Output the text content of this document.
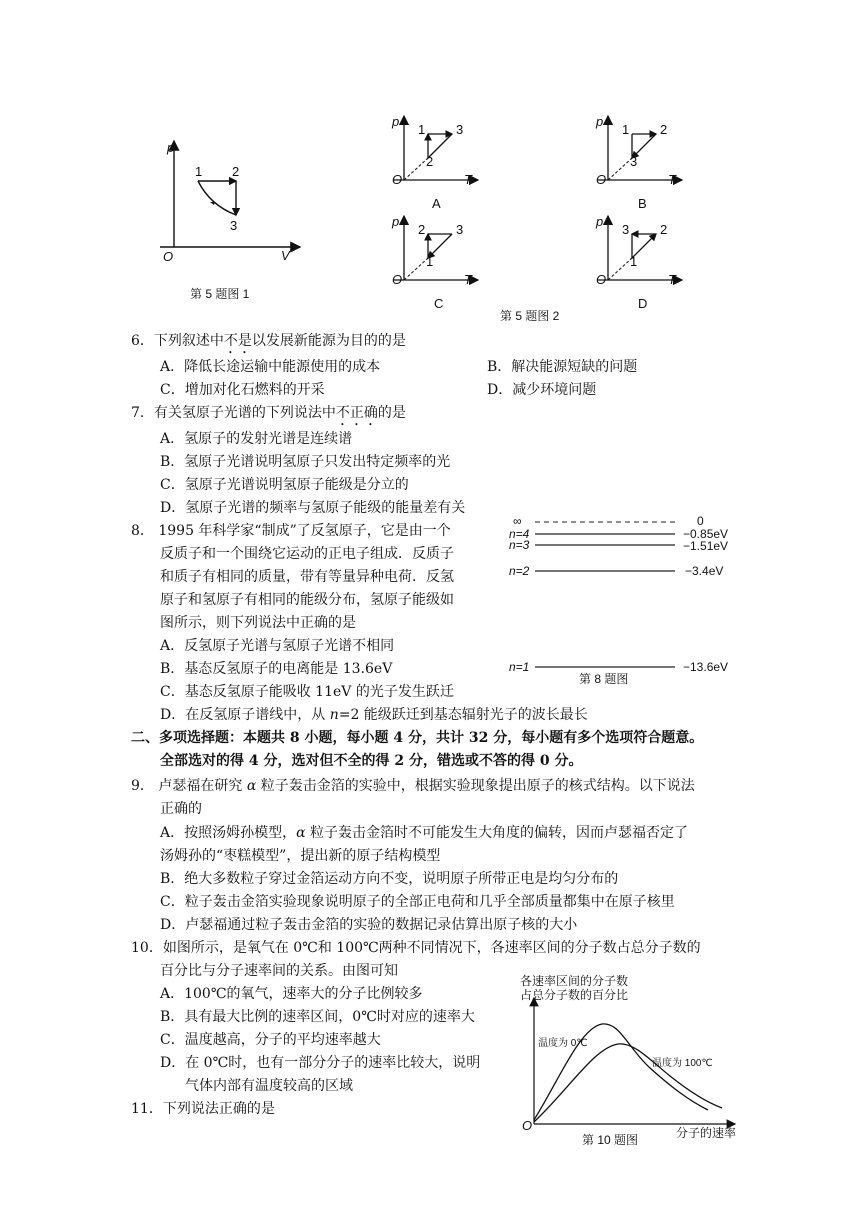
p
V
O
1 2
3
第 5 题图 1
p
O	T
1 3
2
A
p
O	T
1 2
3
B
p
O	T
2 3
1
C
p
O	T
3 2
1
D
第 5 题图 2
6．下列叙述中不是以发展新能源为目的的是
A．降低长途运输中能源使用的成本	B．解决能源短缺的问题
C．增加对化石燃料的开采	D．减少环境问题
7．有关氢原子光谱的下列说法中不正确的是
A．氢原子的发射光谱是连续谱
B．氢原子光谱说明氢原子只发出特定频率的光
C．氢原子光谱说明氢原子能级是分立的
D．氢原子光谱的频率与氢原子能级的能量差有关
8． 1995 年科学家“制成”了反氢原子，它是由一个
反质子和一个围绕它运动的正电子组成．反质子
和质子有相同的质量，带有等量异种电荷．反氢
原子和氢原子有相同的能级分布，氢原子能级如
图所示，则下列说法中正确的是
A．反氢原子光谱与氢原子光谱不相同
B．基态反氢原子的电离能是 13.6eV
C．基态反氢原子能吸收 11eV 的光子发生跃迁
D．在反氢原子谱线中，从 n=2 能级跃迁到基态辐射光子的波长最长
∞	0
n=4	−0.85eV
n=3	−1.51eV
n=2	−3.4eV
n=1	−13.6eV
第 8 题图
二、多项选择题：本题共 8 小题，每小题 4 分，共计 32 分，每小题有多个选项符合题意。
全部选对的得 4 分，选对但不全的得 2 分，错选或不答的得 0 分。
9． 卢瑟福在研究 α 粒子轰击金箔的实验中，根据实验现象提出原子的核式结构。以下说法
正确的
A．按照汤姆孙模型，α 粒子轰击金箔时不可能发生大角度的偏转，因而卢瑟福否定了
汤姆孙的“枣糕模型”，提出新的原子结构模型
B．绝大多数粒子穿过金箔运动方向不变，说明原子所带正电是均匀分布的
C．粒子轰击金箔实验现象说明原子的全部正电荷和几乎全部质量都集中在原子核里
D．卢瑟福通过粒子轰击金箔的实验的数据记录估算出原子核的大小
10．如图所示，是氧气在 0℃和 100℃两种不同情况下，各速率区间的分子数占总分子数的
百分比与分子速率间的关系。由图可知
A．100℃的氧气，速率大的分子比例较多
B．具有最大比例的速率区间，0℃时对应的速率大
C．温度越高，分子的平均速率越大
D．在 0℃时，也有一部分分子的速率比较大，说明
气体内部有温度较高的区域
11．下列说法正确的是
各速率区间的分子数
占总分子数的百分比
温度为 0℃
温度为 100℃
O
第 10 题图	分子的速率
